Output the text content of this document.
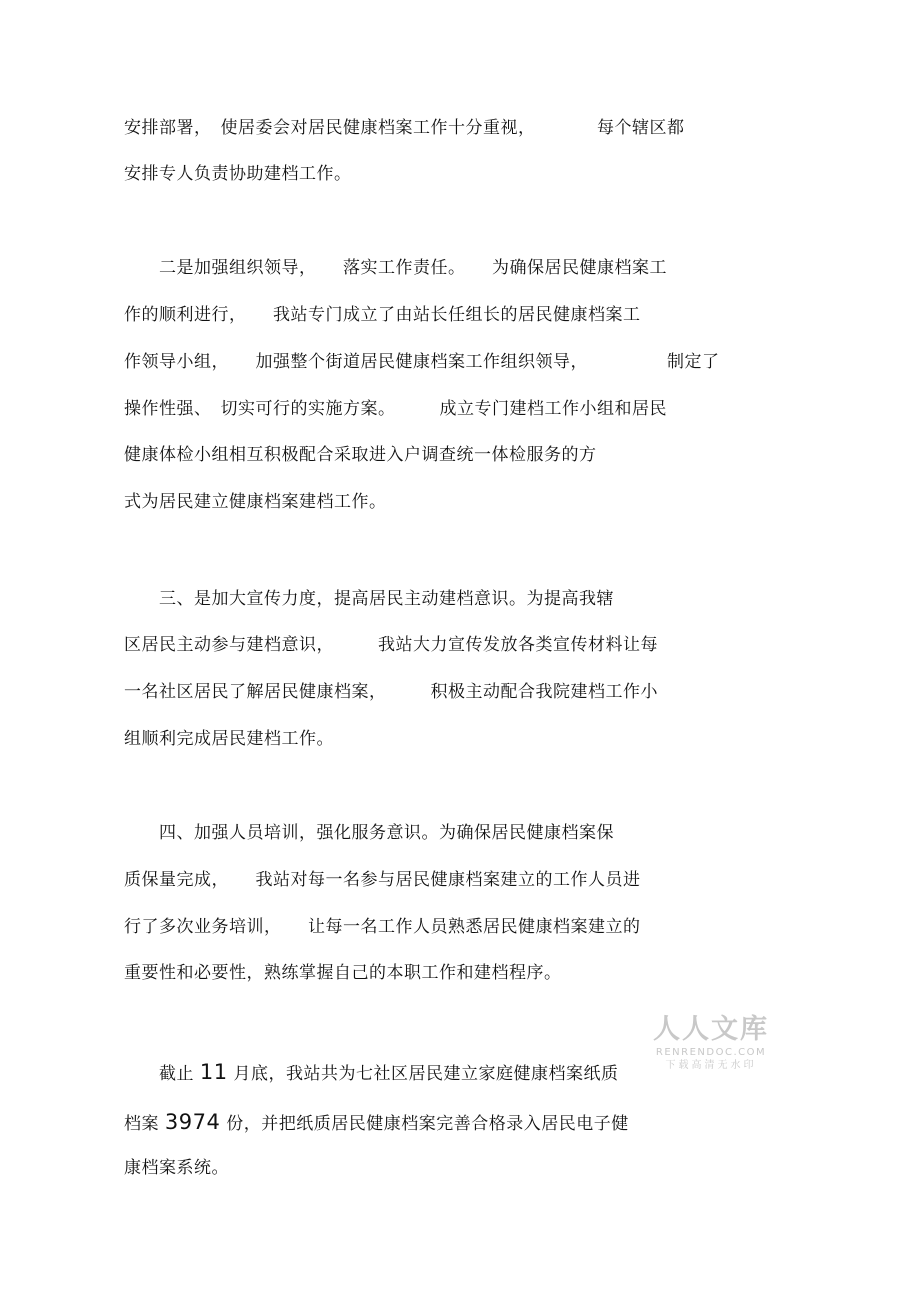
安排部署，　使居委会对居民健康档案工作十分重视，　　　　每个辖区都
安排专人负责协助建档工作。
　　二是加强组织领导，　　落实工作责任。　　为确保居民健康档案工
作的顺利进行，　　我站专门成立了由站长任组长的居民健康档案工
作领导小组，　　加强整个街道居民健康档案工作组织领导，　　　　　制定了
操作性强、　切实可行的实施方案。　　　成立专门建档工作小组和居民
健康体检小组相互积极配合采取进入户调查统一体检服务的方
式为居民建立健康档案建档工作。
　　三、是加大宣传力度，提高居民主动建档意识。为提高我辖
区居民主动参与建档意识，　　　我站大力宣传发放各类宣传材料让每
一名社区居民了解居民健康档案，　　　积极主动配合我院建档工作小
组顺利完成居民建档工作。
　　四、加强人员培训，强化服务意识。为确保居民健康档案保
质保量完成，　　我站对每一名参与居民健康档案建立的工作人员进
行了多次业务培训，　　让每一名工作人员熟悉居民健康档案建立的
重要性和必要性，熟练掌握自己的本职工作和建档程序。
　　截止 11 月底，我站共为七社区居民建立家庭健康档案纸质
档案 3974 份，并把纸质居民健康档案完善合格录入居民电子健
康档案系统。
人人文库
RENRENDOC.COM
下载高清无水印
